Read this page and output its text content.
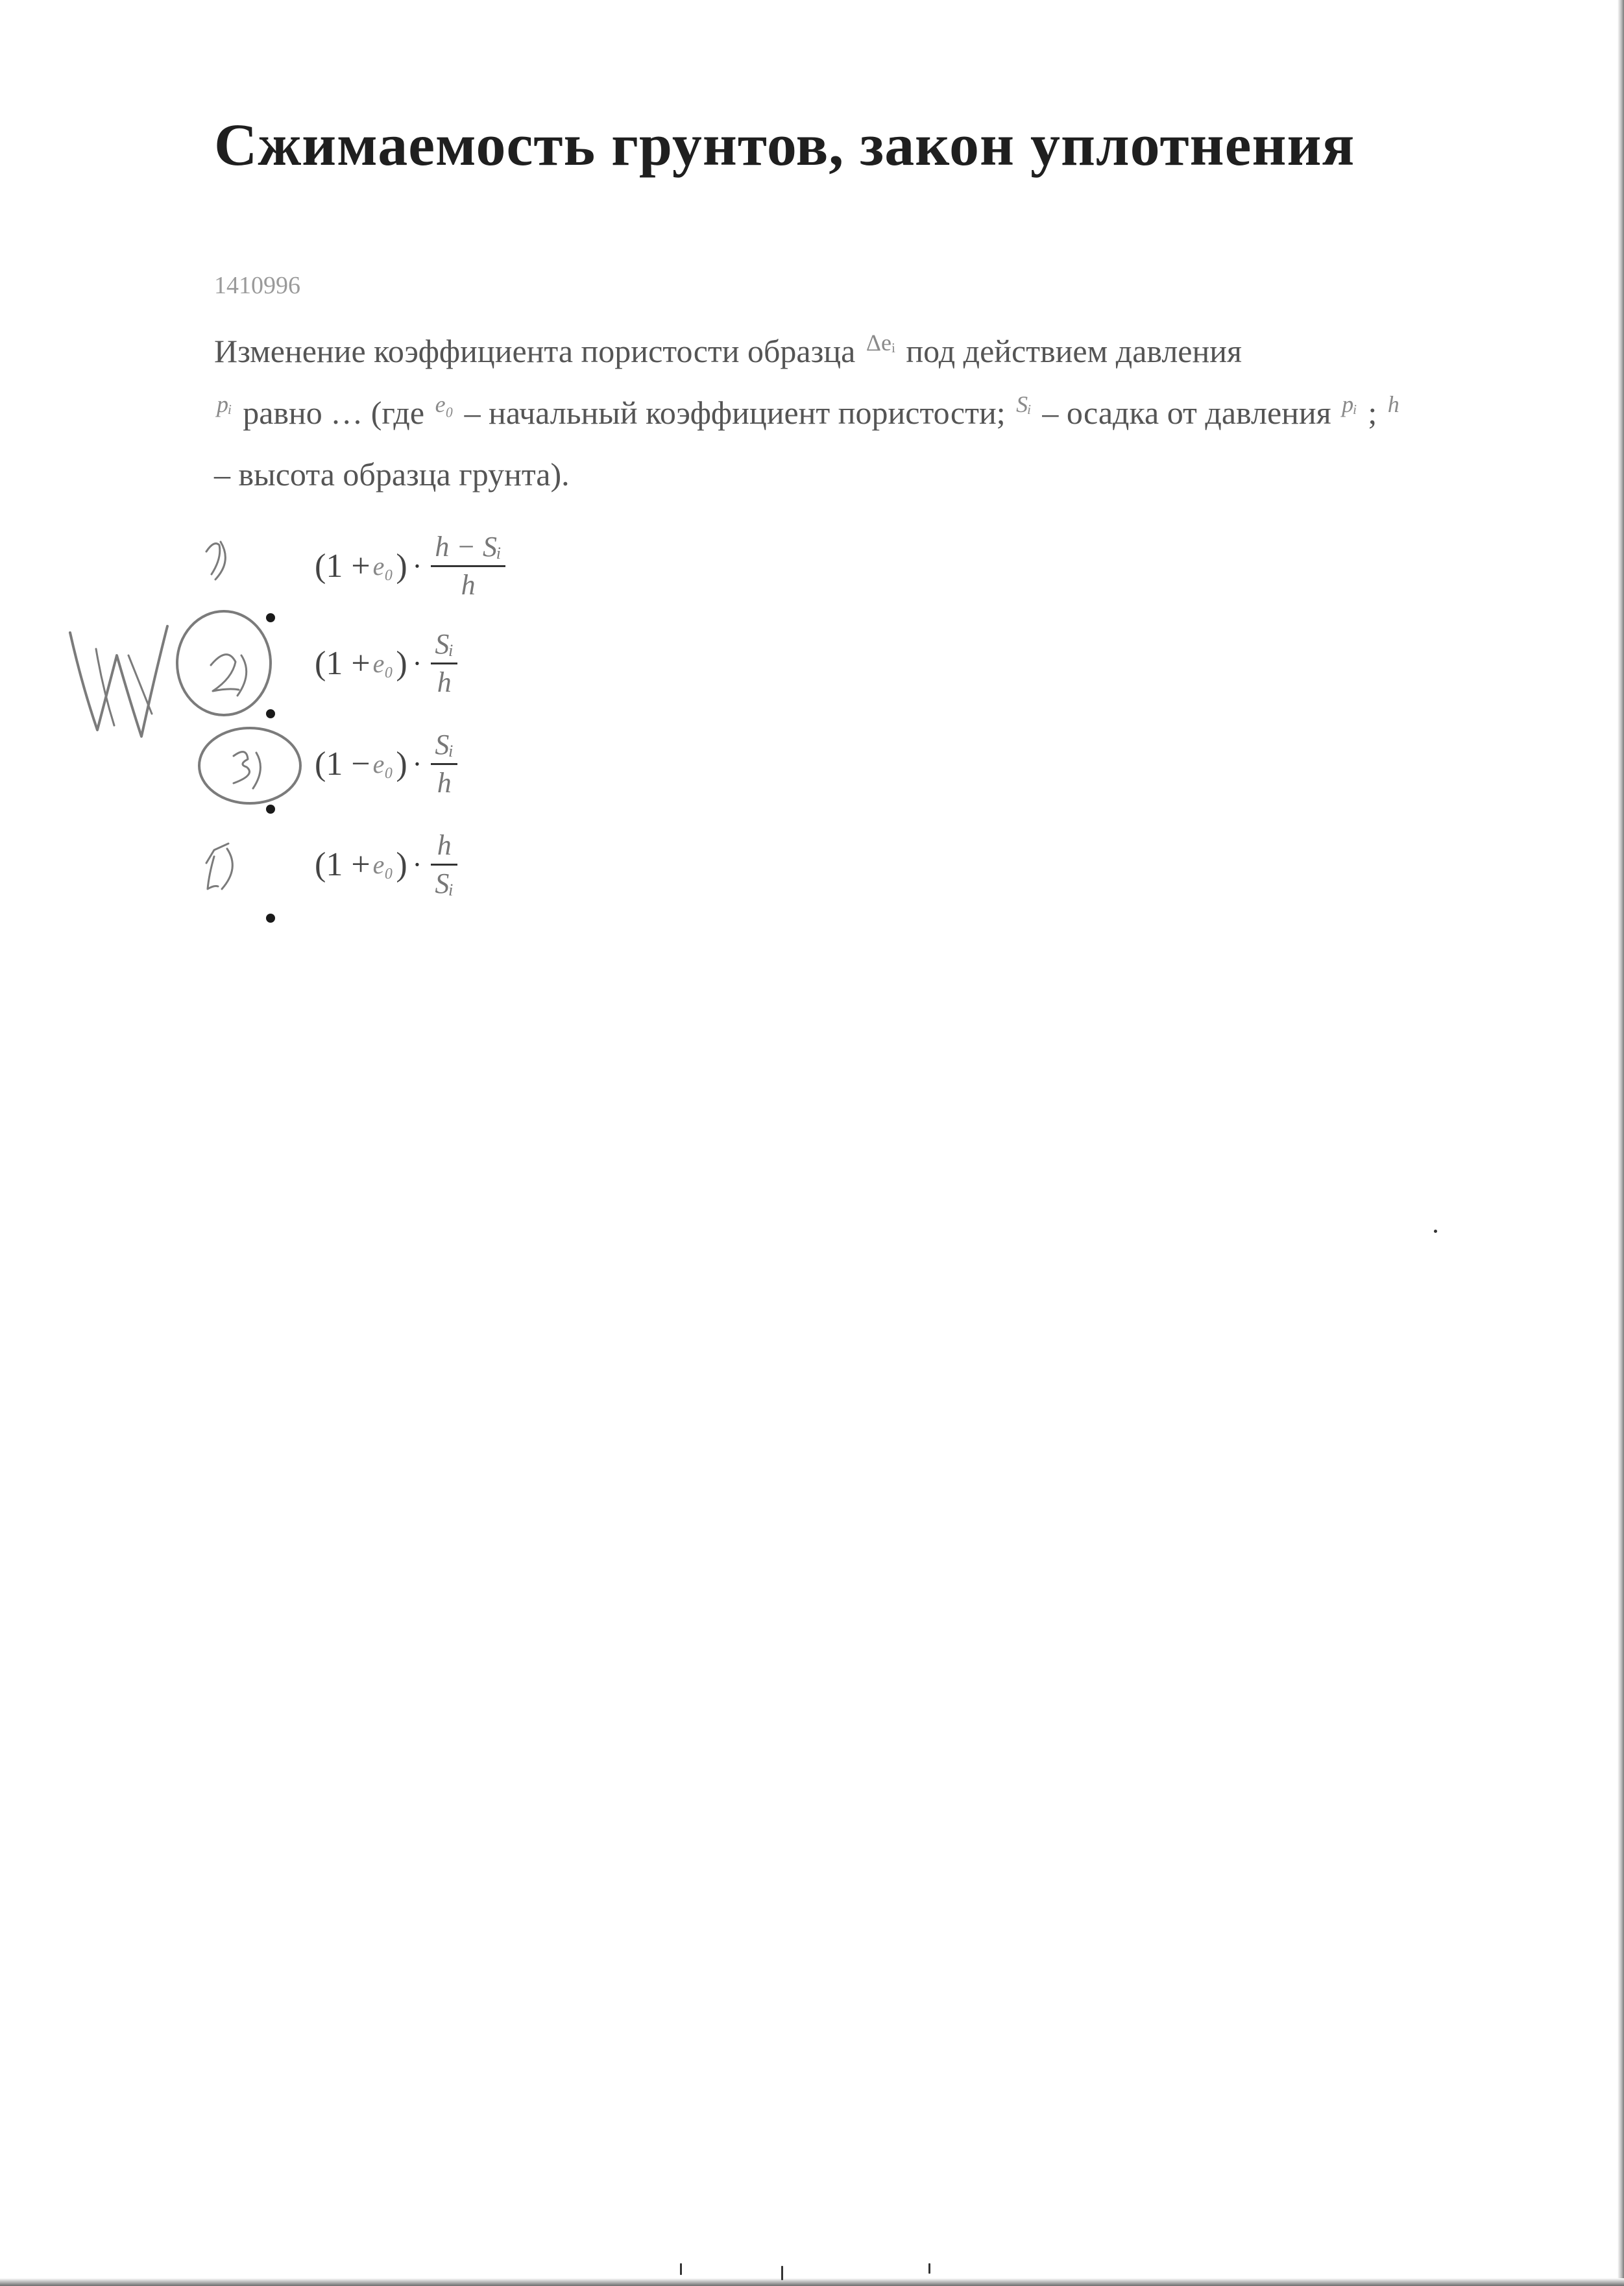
Сжимаемость грунтов, закон уплотнения
1410996

Изменение коэффициента пористости образца $^{\Delta eᵢ}$ под действием давления
$^{pᵢ}$ равно … (где $^{e_0}$ – начальный коэффициент пористости; $^{Sᵢ}$ – осадка от давления $^{pᵢ}$ ; $^h$ – высота образца грунта).

(1 + e₀ ) · $\frac{\text{h − Sᵢ}}{h}$
(1 + e₀ ) · $\frac{\text{Sᵢ}}{h}$
(1 − e₀ ) · $\frac{\text{Sᵢ}}{h}$
(1 + e₀ ) · $\frac{h}{\text{Sᵢ}}$
